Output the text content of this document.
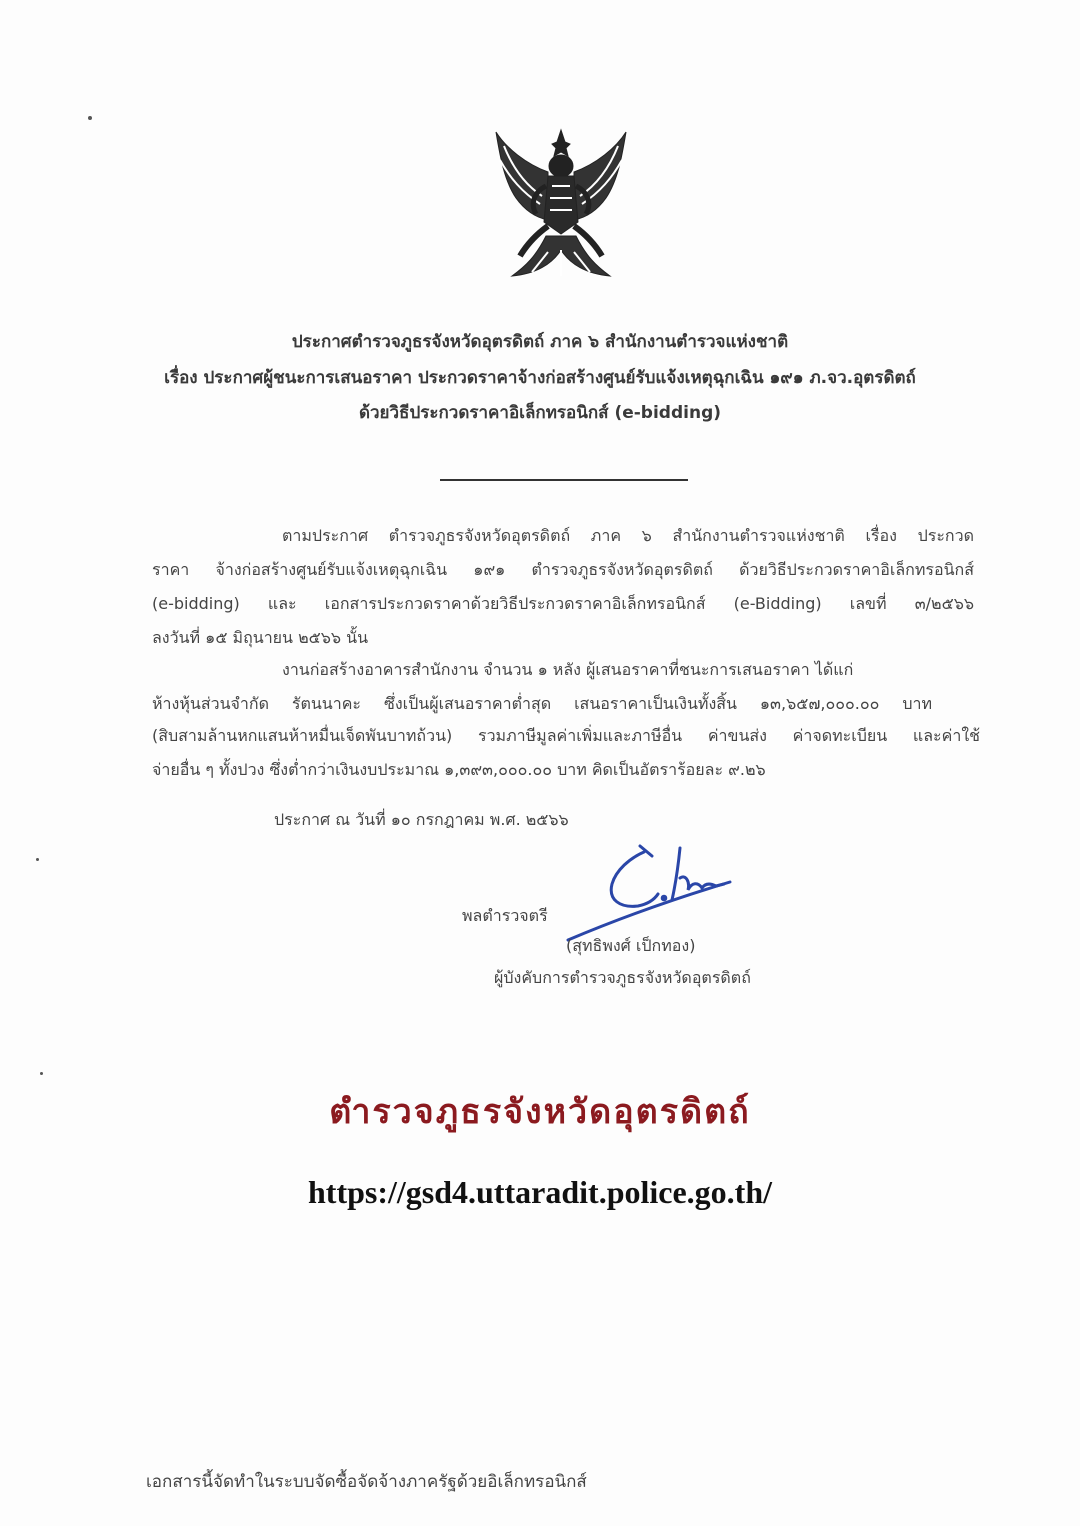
ประกาศตำรวจภูธรจังหวัดอุตรดิตถ์ ภาค ๖ สำนักงานตำรวจแห่งชาติ
เรื่อง ประกาศผู้ชนะการเสนอราคา ประกวดราคาจ้างก่อสร้างศูนย์รับแจ้งเหตุฉุกเฉิน ๑๙๑ ภ.จว.อุตรดิตถ์
ด้วยวิธีประกวดราคาอิเล็กทรอนิกส์ (e-bidding)
ตามประกาศ ตำรวจภูธรจังหวัดอุตรดิตถ์ ภาค ๖ สำนักงานตำรวจแห่งชาติ เรื่อง ประกวด
ราคา จ้างก่อสร้างศูนย์รับแจ้งเหตุฉุกเฉิน ๑๙๑ ตำรวจภูธรจังหวัดอุตรดิตถ์ ด้วยวิธีประกวดราคาอิเล็กทรอนิกส์
(e-bidding) และ เอกสารประกวดราคาด้วยวิธีประกวดราคาอิเล็กทรอนิกส์ (e-Bidding) เลขที่ ๓/๒๕๖๖
ลงวันที่ ๑๕ มิถุนายน ๒๕๖๖ นั้น
งานก่อสร้างอาคารสำนักงาน จำนวน ๑ หลัง ผู้เสนอราคาที่ชนะการเสนอราคา ได้แก่
ห้างหุ้นส่วนจำกัด รัตนนาคะ ซึ่งเป็นผู้เสนอราคาต่ำสุด เสนอราคาเป็นเงินทั้งสิ้น ๑๓,๖๕๗,๐๐๐.๐๐ บาท
(สิบสามล้านหกแสนห้าหมื่นเจ็ดพันบาทถ้วน) รวมภาษีมูลค่าเพิ่มและภาษีอื่น ค่าขนส่ง ค่าจดทะเบียน และค่าใช้
จ่ายอื่น ๆ ทั้งปวง ซึ่งต่ำกว่าเงินงบประมาณ ๑,๓๙๓,๐๐๐.๐๐ บาท คิดเป็นอัตราร้อยละ ๙.๒๖
ประกาศ ณ วันที่ ๑๐ กรกฎาคม พ.ศ. ๒๕๖๖
พลตำรวจตรี
(สุทธิพงศ์ เป็กทอง)
ผู้บังคับการตำรวจภูธรจังหวัดอุตรดิตถ์
ตำรวจภูธรจังหวัดอุตรดิตถ์
https://gsd4.uttaradit.police.go.th/
เอกสารนี้จัดทำในระบบจัดซื้อจัดจ้างภาครัฐด้วยอิเล็กทรอนิกส์
